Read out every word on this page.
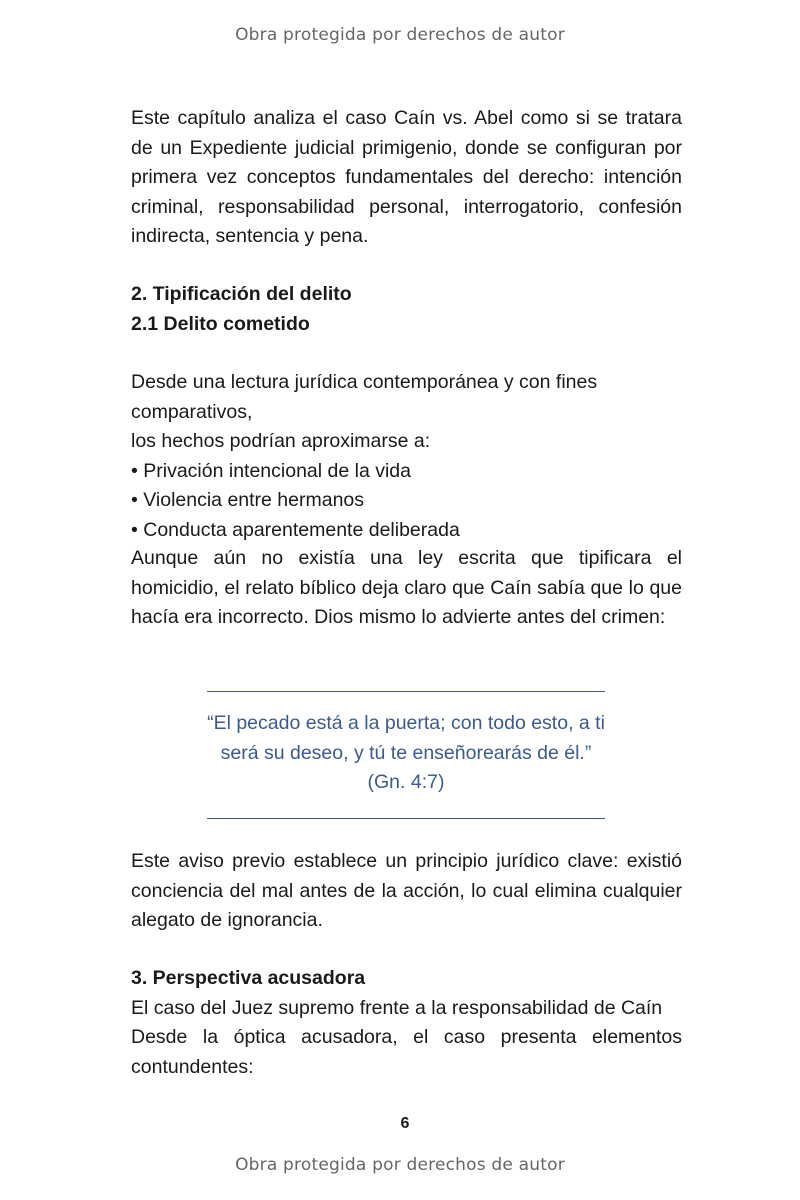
Obra protegida por derechos de autor

Este capítulo analiza el caso Caín vs. Abel como si se tratara de un Expediente judicial primigenio, donde se configuran por primera vez conceptos fundamentales del derecho: intención criminal, responsabilidad personal, interrogatorio, confesión indirecta, sentencia y pena.

2. Tipificación del delito

2.1 Delito cometido

Desde una lectura jurídica contemporánea y con fines comparativos,

los hechos podrían aproximarse a:

• Privación intencional de la vida
• Violencia entre hermanos
• Conducta aparentemente deliberada

Aunque aún no existía una ley escrita que tipificara el homicidio, el relato bíblico deja claro que Caín sabía que lo que hacía era incorrecto. Dios mismo lo advierte antes del crimen:

“El pecado está a la puerta; con todo esto, a ti será su deseo, y tú te enseñorearás de él.” (Gn. 4:7)

Este aviso previo establece un principio jurídico clave: existió conciencia del mal antes de la acción, lo cual elimina cualquier alegato de ignorancia.

3. Perspectiva acusadora

El caso del Juez supremo frente a la responsabilidad de Caín

Desde la óptica acusadora, el caso presenta elementos contundentes:

6
Obra protegida por derechos de autor
